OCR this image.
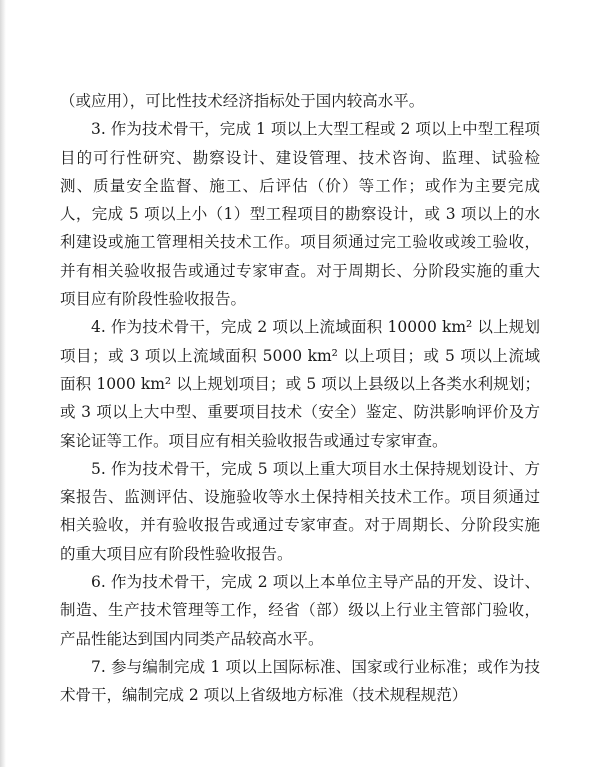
（或应用），可比性技术经济指标处于国内较高水平。

3. 作为技术骨干，完成 1 项以上大型工程或 2 项以上中型工程项目的可行性研究、勘察设计、建设管理、技术咨询、监理、试验检测、质量安全监督、施工、后评估（价）等工作；或作为主要完成人，完成 5 项以上小（1）型工程项目的勘察设计，或 3 项以上的水利建设或施工管理相关技术工作。项目须通过完工验收或竣工验收，并有相关验收报告或通过专家审查。对于周期长、分阶段实施的重大项目应有阶段性验收报告。

4. 作为技术骨干，完成 2 项以上流域面积 10000 km² 以上规划项目；或 3 项以上流域面积 5000 km² 以上项目；或 5 项以上流域面积 1000 km² 以上规划项目；或 5 项以上县级以上各类水利规划；或 3 项以上大中型、重要项目技术（安全）鉴定、防洪影响评价及方案论证等工作。项目应有相关验收报告或通过专家审查。

5. 作为技术骨干，完成 5 项以上重大项目水土保持规划设计、方案报告、监测评估、设施验收等水土保持相关技术工作。项目须通过相关验收，并有验收报告或通过专家审查。对于周期长、分阶段实施的重大项目应有阶段性验收报告。

6. 作为技术骨干，完成 2 项以上本单位主导产品的开发、设计、制造、生产技术管理等工作，经省（部）级以上行业主管部门验收，产品性能达到国内同类产品较高水平。

7. 参与编制完成 1 项以上国际标准、国家或行业标准；或作为技术骨干，编制完成 2 项以上省级地方标准（技术规程规范）
